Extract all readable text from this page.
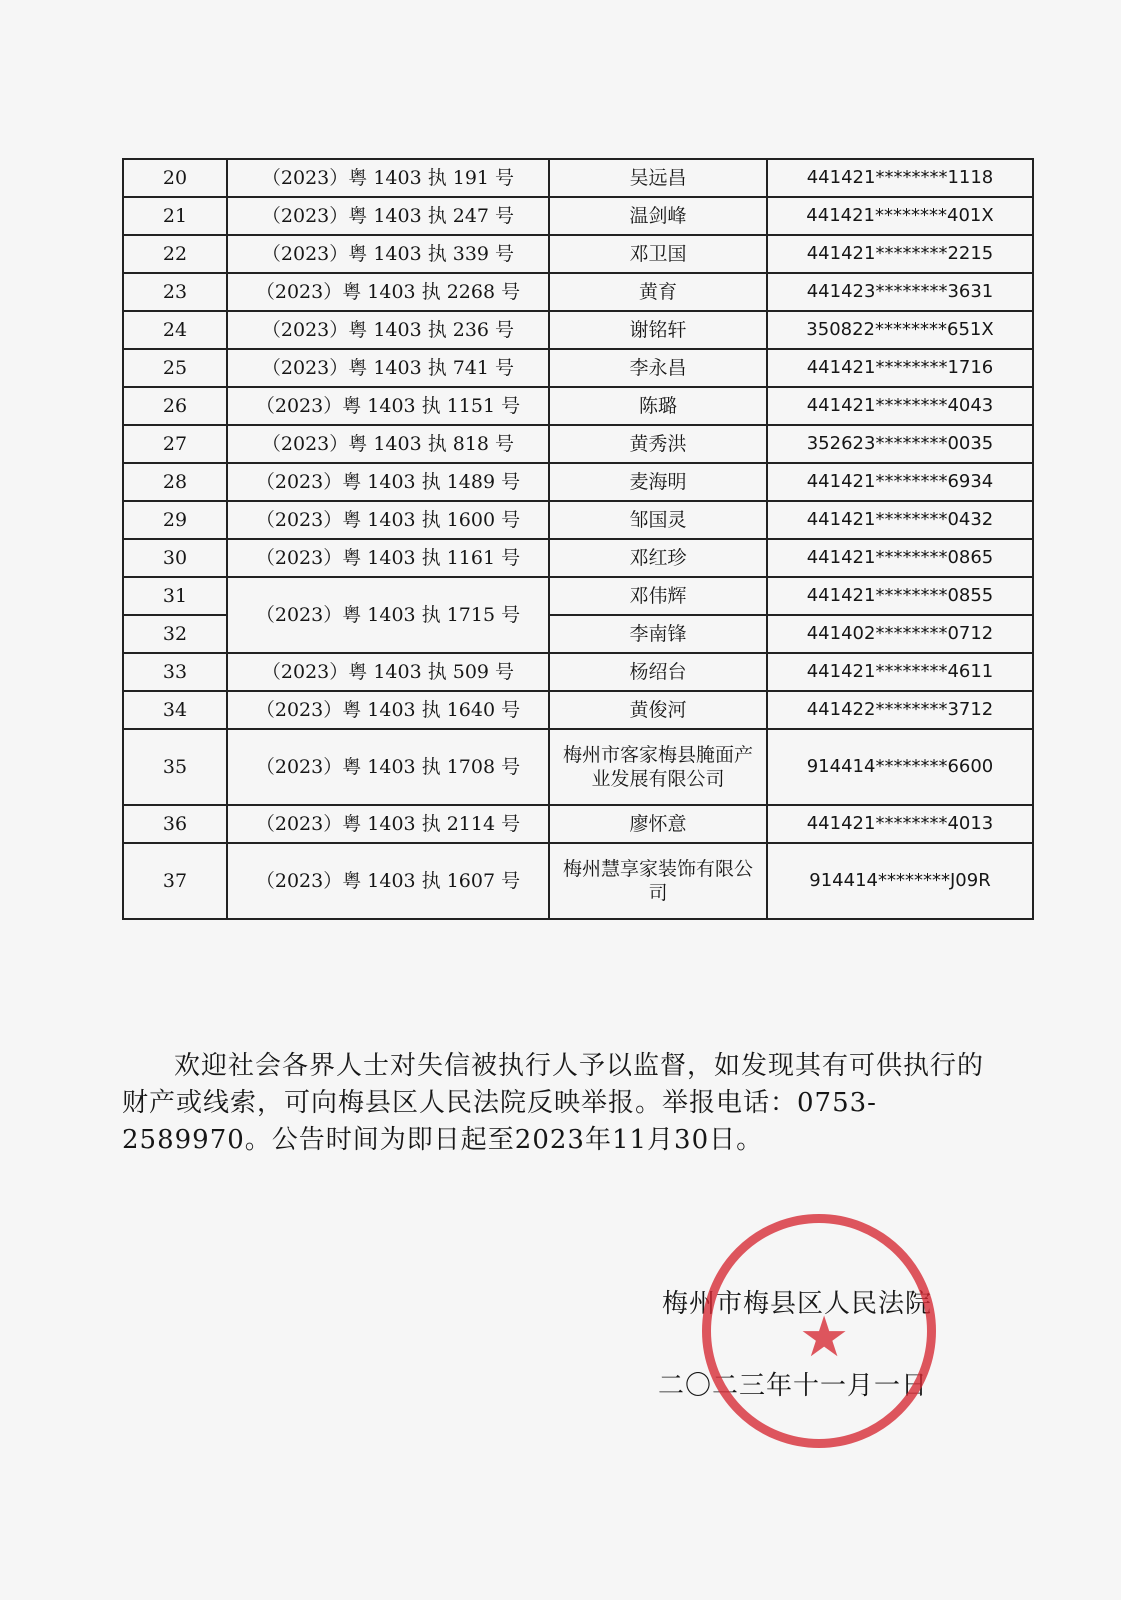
20	（2023）粤 1403 执 191 号	吴远昌	441421********1118
21	（2023）粤 1403 执 247 号	温剑峰	441421********401X
22	（2023）粤 1403 执 339 号	邓卫国	441421********2215
23	（2023）粤 1403 执 2268 号	黄育	441423********3631
24	（2023）粤 1403 执 236 号	谢铭轩	350822********651X
25	（2023）粤 1403 执 741 号	李永昌	441421********1716
26	（2023）粤 1403 执 1151 号	陈璐	441421********4043
27	（2023）粤 1403 执 818 号	黄秀洪	352623********0035
28	（2023）粤 1403 执 1489 号	麦海明	441421********6934
29	（2023）粤 1403 执 1600 号	邹国灵	441421********0432
30	（2023）粤 1403 执 1161 号	邓红珍	441421********0865
31	（2023）粤 1403 执 1715 号	邓伟辉	441421********0855
32		李南锋	441402********0712
33	（2023）粤 1403 执 509 号	杨绍台	441421********4611
34	（2023）粤 1403 执 1640 号	黄俊河	441422********3712
35	（2023）粤 1403 执 1708 号	梅州市客家梅县腌面产业发展有限公司	914414********6600
36	（2023）粤 1403 执 2114 号	廖怀意	441421********4013
37	（2023）粤 1403 执 1607 号	梅州慧享家装饰有限公司	914414********J09R

欢迎社会各界人士对失信被执行人予以监督，如发现其有可供执行的财产或线索，可向梅县区人民法院反映举报。举报电话：0753-2589970。公告时间为即日起至2023年11月30日。

梅州市梅县区人民法院
二〇二三年十一月一日
★
